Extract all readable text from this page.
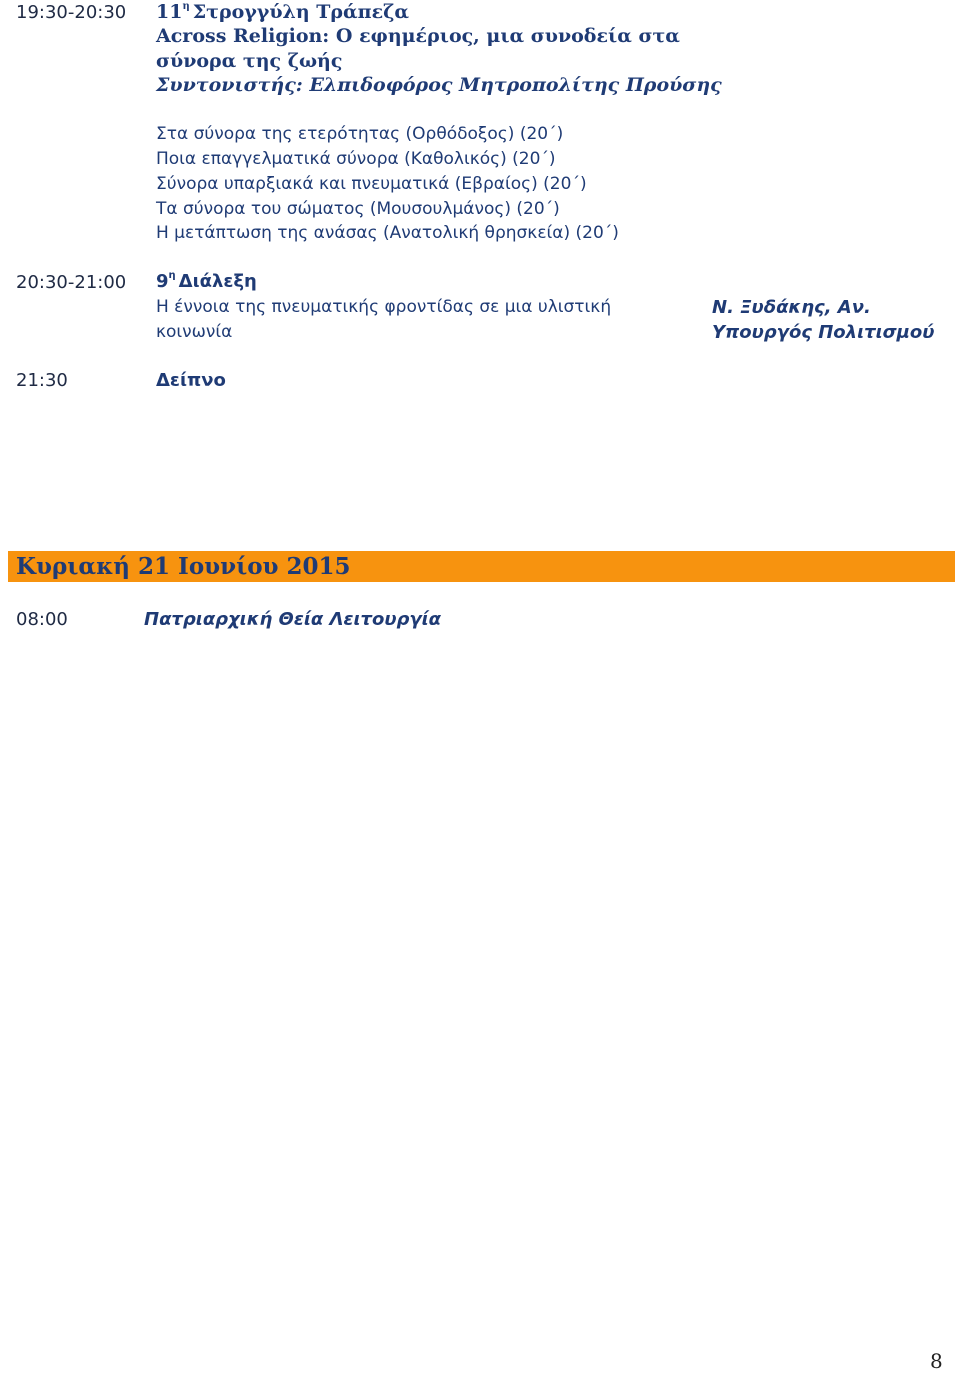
19:30-20:30 $11^\eta$ Στρογγύλη Τράπεζα
Across Religion: Ο εφημέριος, μια συνοδεία στα
σύνορα της ζωής
Συντονιστής: Ελπιδοφόρος Μητροπολίτης Προύσης
Στα σύνορα της ετερότητας (Ορθόδοξος) (20΄)
Ποια επαγγελματικά σύνορα (Καθολικός) (20΄)
Σύνορα υπαρξιακά και πνευματικά (Εβραίος) (20΄)
Τα σύνορα του σώματος (Μουσουλμάνος) (20΄)
Η μετάπτωση της ανάσας (Ανατολική θρησκεία) (20΄)
20:30-21:00 $9^\eta$ Διάλεξη
Η έννοια της πνευματικής φροντίδας σε μια υλιστική
κοινωνία
Ν. Ξυδάκης, Αν.
Υπουργός Πολιτισμού
21:30	Δείπνο
Κυριακή 21 Ιουνίου 2015
08:00	Πατριαρχική Θεία Λειτουργία
8
